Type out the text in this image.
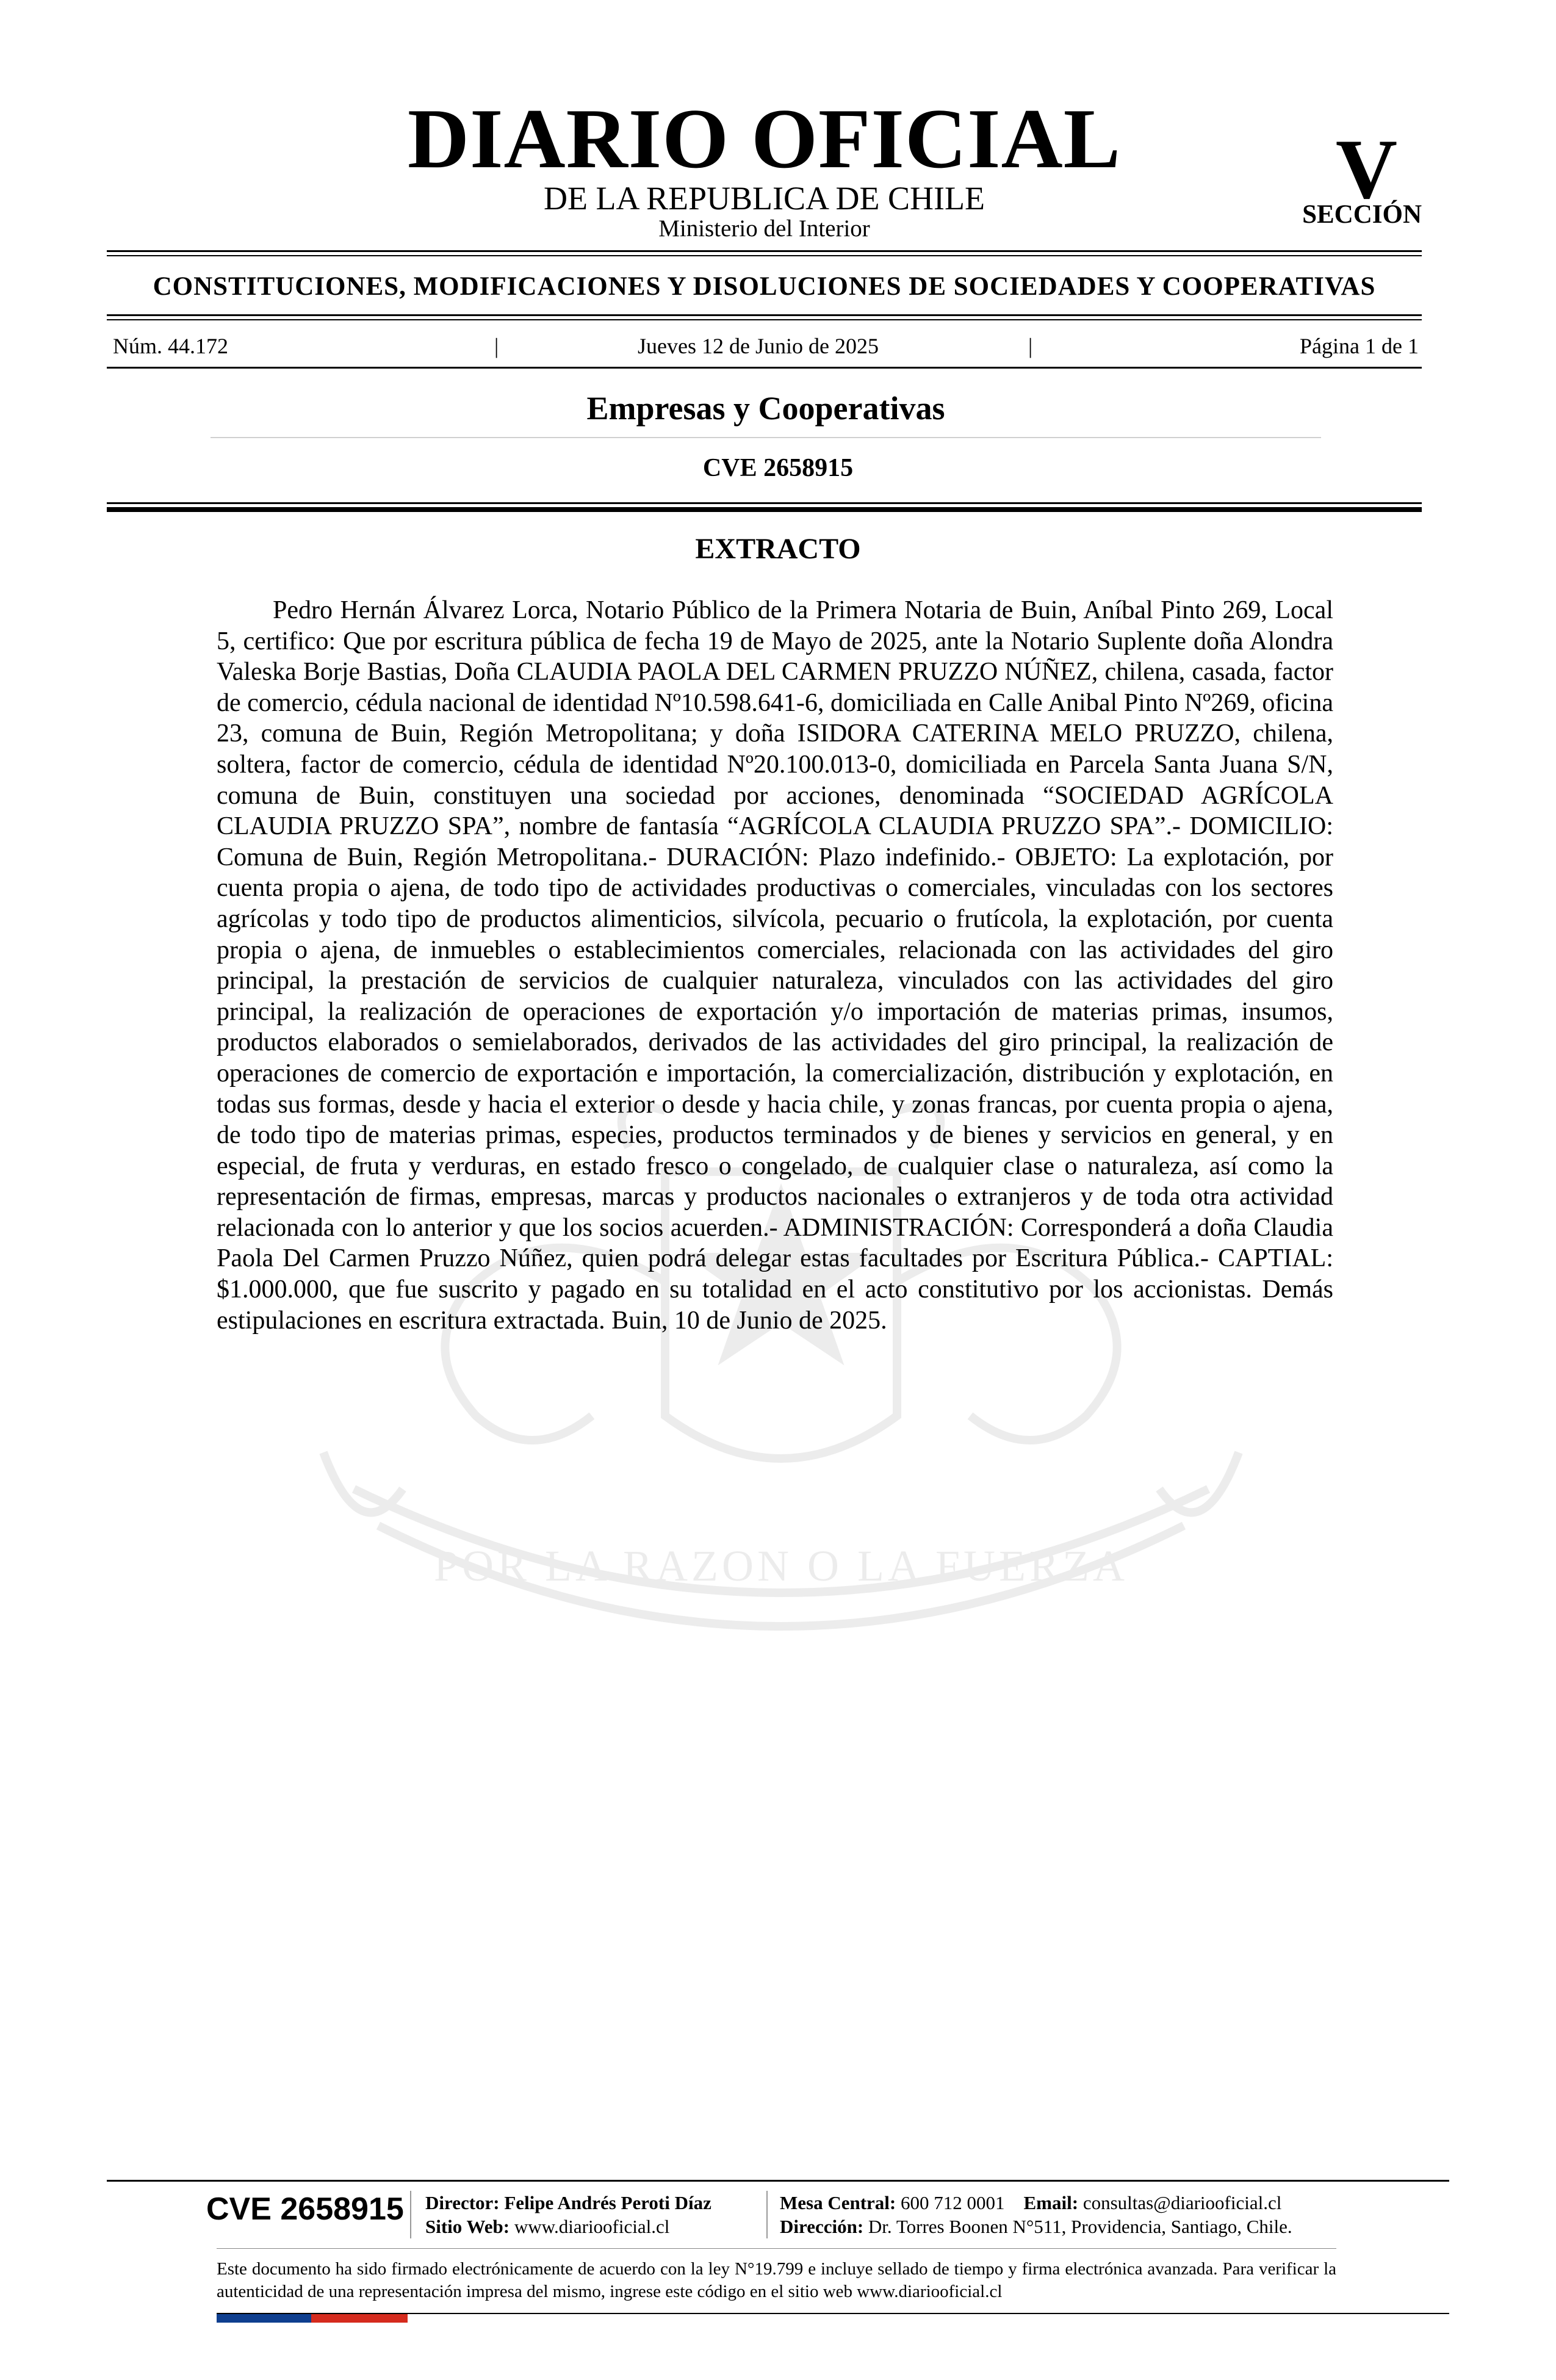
DIARIO OFICIAL
DE LA REPUBLICA DE CHILE
Ministerio del Interior
V
SECCIÓN
CONSTITUCIONES, MODIFICACIONES Y DISOLUCIONES DE SOCIEDADES Y COOPERATIVAS
Núm. 44.172	|	Jueves 12 de Junio de 2025	|	Página 1 de 1
Empresas y Cooperativas
CVE 2658915
POR LA RAZON O LA FUERZA
EXTRACTO
Pedro Hernán Álvarez Lorca, Notario Público de la Primera Notaria de Buin, Aníbal Pinto 269, Local 5, certifico: Que por escritura pública de fecha 19 de Mayo de 2025, ante la Notario Suplente doña Alondra Valeska Borje Bastias, Doña CLAUDIA PAOLA DEL CARMEN PRUZZO NÚÑEZ, chilena, casada, factor de comercio, cédula nacional de identidad Nº10.598.641-6, domiciliada en Calle Anibal Pinto Nº269, oficina 23, comuna de Buin, Región Metropolitana; y doña ISIDORA CATERINA MELO PRUZZO, chilena, soltera, factor de comercio, cédula de identidad Nº20.100.013-0, domiciliada en Parcela Santa Juana S/N, comuna de Buin, constituyen una sociedad por acciones, denominada “SOCIEDAD AGRÍCOLA CLAUDIA PRUZZO SPA”, nombre de fantasía “AGRÍCOLA CLAUDIA PRUZZO SPA”.- DOMICILIO: Comuna de Buin, Región Metropolitana.- DURACIÓN: Plazo indefinido.- OBJETO: La explotación, por cuenta propia o ajena, de todo tipo de actividades productivas o comerciales, vinculadas con los sectores agrícolas y todo tipo de productos alimenticios, silvícola, pecuario o frutícola, la explotación, por cuenta propia o ajena, de inmuebles o establecimientos comerciales, relacionada con las actividades del giro principal, la prestación de servicios de cualquier naturaleza, vinculados con las actividades del giro principal, la realización de operaciones de exportación y/o importación de materias primas, insumos, productos elaborados o semielaborados, derivados de las actividades del giro principal, la realización de operaciones de comercio de exportación e importación, la comercialización, distribución y explotación, en todas sus formas, desde y hacia el exterior o desde y hacia chile, y zonas francas, por cuenta propia o ajena, de todo tipo de materias primas, especies, productos terminados y de bienes y servicios en general, y en especial, de fruta y verduras, en estado fresco o congelado, de cualquier clase o naturaleza, así como la representación de firmas, empresas, marcas y productos nacionales o extranjeros y de toda otra actividad relacionada con lo anterior y que los socios acuerden.- ADMINISTRACIÓN: Corresponderá a doña Claudia Paola Del Carmen Pruzzo Núñez, quien podrá delegar estas facultades por Escritura Pública.- CAPTIAL: $1.000.000, que fue suscrito y pagado en su totalidad en el acto constitutivo por los accionistas. Demás estipulaciones en escritura extractada. Buin, 10 de Junio de 2025.
CVE 2658915 Director: Felipe Andrés Peroti Díaz
Sitio Web: www.diariooficial.cl
Mesa Central: 600 712 0001 Email: consultas@diariooficial.cl
Dirección: Dr. Torres Boonen N°511, Providencia, Santiago, Chile.
Este documento ha sido firmado electrónicamente de acuerdo con la ley N°19.799 e incluye sellado de tiempo y firma electrónica avanzada. Para verificar la autenticidad de una representación impresa del mismo, ingrese este código en el sitio web www.diariooficial.cl
